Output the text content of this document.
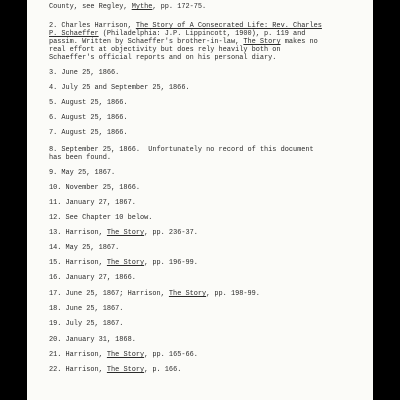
County, see Regley, Mythe, pp. 172-75.
2. Charles Harrison, The Story of A Consecrated Life: Rev. Charles
P. Schaeffer (Philadelphia: J.P. Lippincott, 1900), p. 119 and
passim. Written by Schaeffer's brother-in-law, The Story makes no
real effort at objectivity but does rely heavily both on
Schaeffer's official reports and on his personal diary.
3. June 25, 1866.
4. July 25 and September 25, 1866.
5. August 25, 1866.
6. August 25, 1866.
7. August 25, 1866.
8. September 25, 1866.  Unfortunately no record of this document
has been found.
9. May 25, 1867.
10. November 25, 1866.
11. January 27, 1867.
12. See Chapter 10 below.
13. Harrison, The Story, pp. 236-37.
14. May 25, 1867.
15. Harrison, The Story, pp. 196-99.
16. January 27, 1866.
17. June 25, 1867; Harrison, The Story, pp. 198-99.
18. June 25, 1867.
19. July 25, 1867.
20. January 31, 1868.
21. Harrison, The Story, pp. 165-66.
22. Harrison, The Story, p. 166.
